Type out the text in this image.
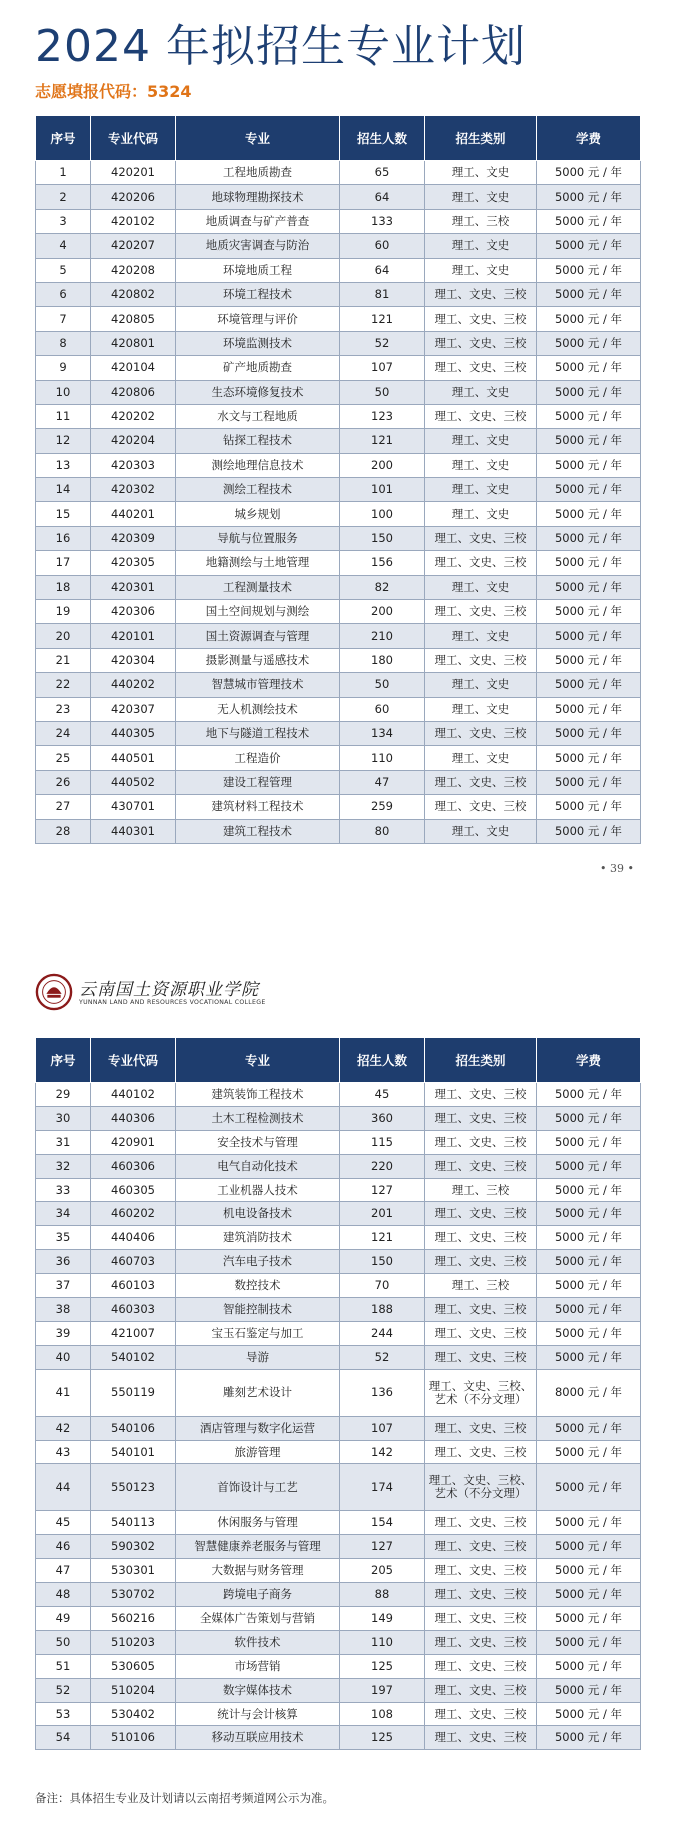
2024 年拟招生专业计划

志愿填报代码：5324

序号	专业代码	专业	招生人数	招生类别	学费
1	420201	工程地质勘查	65	理工、文史	5000 元 / 年
2	420206	地球物理勘探技术	64	理工、文史	5000 元 / 年
3	420102	地质调查与矿产普查	133	理工、三校	5000 元 / 年
4	420207	地质灾害调查与防治	60	理工、文史	5000 元 / 年
5	420208	环境地质工程	64	理工、文史	5000 元 / 年
6	420802	环境工程技术	81	理工、文史、三校	5000 元 / 年
7	420805	环境管理与评价	121	理工、文史、三校	5000 元 / 年
8	420801	环境监测技术	52	理工、文史、三校	5000 元 / 年
9	420104	矿产地质勘查	107	理工、文史、三校	5000 元 / 年
10	420806	生态环境修复技术	50	理工、文史	5000 元 / 年
11	420202	水文与工程地质	123	理工、文史、三校	5000 元 / 年
12	420204	钻探工程技术	121	理工、文史	5000 元 / 年
13	420303	测绘地理信息技术	200	理工、文史	5000 元 / 年
14	420302	测绘工程技术	101	理工、文史	5000 元 / 年
15	440201	城乡规划	100	理工、文史	5000 元 / 年
16	420309	导航与位置服务	150	理工、文史、三校	5000 元 / 年
17	420305	地籍测绘与土地管理	156	理工、文史、三校	5000 元 / 年
18	420301	工程测量技术	82	理工、文史	5000 元 / 年
19	420306	国土空间规划与测绘	200	理工、文史、三校	5000 元 / 年
20	420101	国土资源调查与管理	210	理工、文史	5000 元 / 年
21	420304	摄影测量与遥感技术	180	理工、文史、三校	5000 元 / 年
22	440202	智慧城市管理技术	50	理工、文史	5000 元 / 年
23	420307	无人机测绘技术	60	理工、文史	5000 元 / 年
24	440305	地下与隧道工程技术	134	理工、文史、三校	5000 元 / 年
25	440501	工程造价	110	理工、文史	5000 元 / 年
26	440502	建设工程管理	47	理工、文史、三校	5000 元 / 年
27	430701	建筑材料工程技术	259	理工、文史、三校	5000 元 / 年
28	440301	建筑工程技术	80	理工、文史	5000 元 / 年
• 39 •
云南国土资源职业学院
YUNNAN LAND AND RESOURCES VOCATIONAL COLLEGE
序号	专业代码	专业	招生人数	招生类别	学费
29	440102	建筑装饰工程技术	45	理工、文史、三校	5000 元 / 年
30	440306	土木工程检测技术	360	理工、文史、三校	5000 元 / 年
31	420901	安全技术与管理	115	理工、文史、三校	5000 元 / 年
32	460306	电气自动化技术	220	理工、文史、三校	5000 元 / 年
33	460305	工业机器人技术	127	理工、三校	5000 元 / 年
34	460202	机电设备技术	201	理工、文史、三校	5000 元 / 年
35	440406	建筑消防技术	121	理工、文史、三校	5000 元 / 年
36	460703	汽车电子技术	150	理工、文史、三校	5000 元 / 年
37	460103	数控技术	70	理工、三校	5000 元 / 年
38	460303	智能控制技术	188	理工、文史、三校	5000 元 / 年
39	421007	宝玉石鉴定与加工	244	理工、文史、三校	5000 元 / 年
40	540102	导游	52	理工、文史、三校	5000 元 / 年
41	550119	雕刻艺术设计	136	理工、文史、三校、艺术（不分文理）	8000 元 / 年
42	540106	酒店管理与数字化运营	107	理工、文史、三校	5000 元 / 年
43	540101	旅游管理	142	理工、文史、三校	5000 元 / 年
44	550123	首饰设计与工艺	174	理工、文史、三校、艺术（不分文理）	5000 元 / 年
45	540113	休闲服务与管理	154	理工、文史、三校	5000 元 / 年
46	590302	智慧健康养老服务与管理	127	理工、文史、三校	5000 元 / 年
47	530301	大数据与财务管理	205	理工、文史、三校	5000 元 / 年
48	530702	跨境电子商务	88	理工、文史、三校	5000 元 / 年
49	560216	全媒体广告策划与营销	149	理工、文史、三校	5000 元 / 年
50	510203	软件技术	110	理工、文史、三校	5000 元 / 年
51	530605	市场营销	125	理工、文史、三校	5000 元 / 年
52	510204	数字媒体技术	197	理工、文史、三校	5000 元 / 年
53	530402	统计与会计核算	108	理工、文史、三校	5000 元 / 年
54	510106	移动互联应用技术	125	理工、文史、三校	5000 元 / 年

备注：具体招生专业及计划请以云南招考频道网公示为准。
